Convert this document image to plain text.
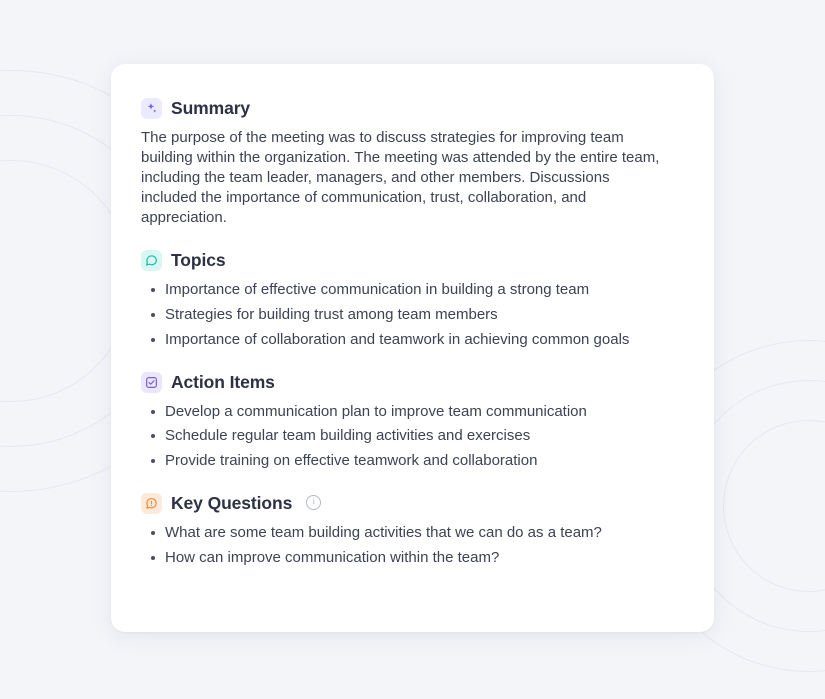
Summary

The purpose of the meeting was to discuss strategies for improving team building within the organization. The meeting was attended by the entire team, including the team leader, managers, and other members. Discussions included the importance of communication, trust, collaboration, and appreciation.

Topics
Importance of effective communication in building a strong team
Strategies for building trust among team members
Importance of collaboration and teamwork in achieving common goals
Action Items
Develop a communication plan to improve team communication
Schedule regular team building activities and exercises
Provide training on effective teamwork and collaboration
Key Questions	i
What are some team building activities that we can do as a team?
How can improve communication within the team?
